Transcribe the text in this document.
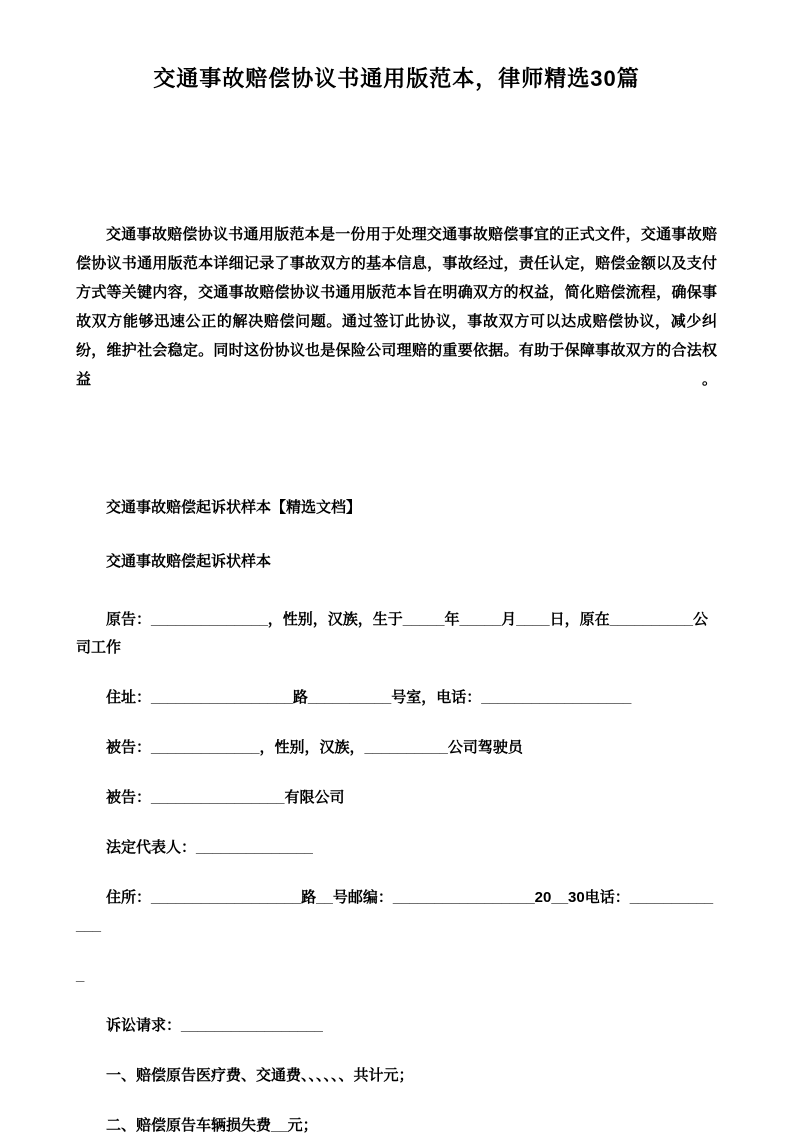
交通事故赔偿协议书通用版范本，律师精选30篇

交通事故赔偿协议书通用版范本是一份用于处理交通事故赔偿事宜的正式文件，交通事故赔偿协议书通用版范本详细记录了事故双方的基本信息，事故经过，责任认定，赔偿金额以及支付方式等关键内容，交通事故赔偿协议书通用版范本旨在明确双方的权益，简化赔偿流程，确保事故双方能够迅速公正的解决赔偿问题。通过签订此协议，事故双方可以达成赔偿协议，减少纠纷，维护社会稳定。同时这份协议也是保险公司理赔的重要依据。有助于保障事故双方的合法权益。

交通事故赔偿起诉状样本【精选文档】

交通事故赔偿起诉状样本

原告：______________，性别，汉族，生于_____年_____月____日，原在__________公司工作

住址：_________________路__________号室，电话：__________________

被告：_____________，性别，汉族，__________公司驾驶员

被告：________________有限公司

法定代表人：______________

住所：__________________路__号邮编：_________________20__30电话：_____________

_

诉讼请求：_________________

一、赔偿原告医疗费、交通费、、、、、、共计元；

二、赔偿原告车辆损失费__元；
